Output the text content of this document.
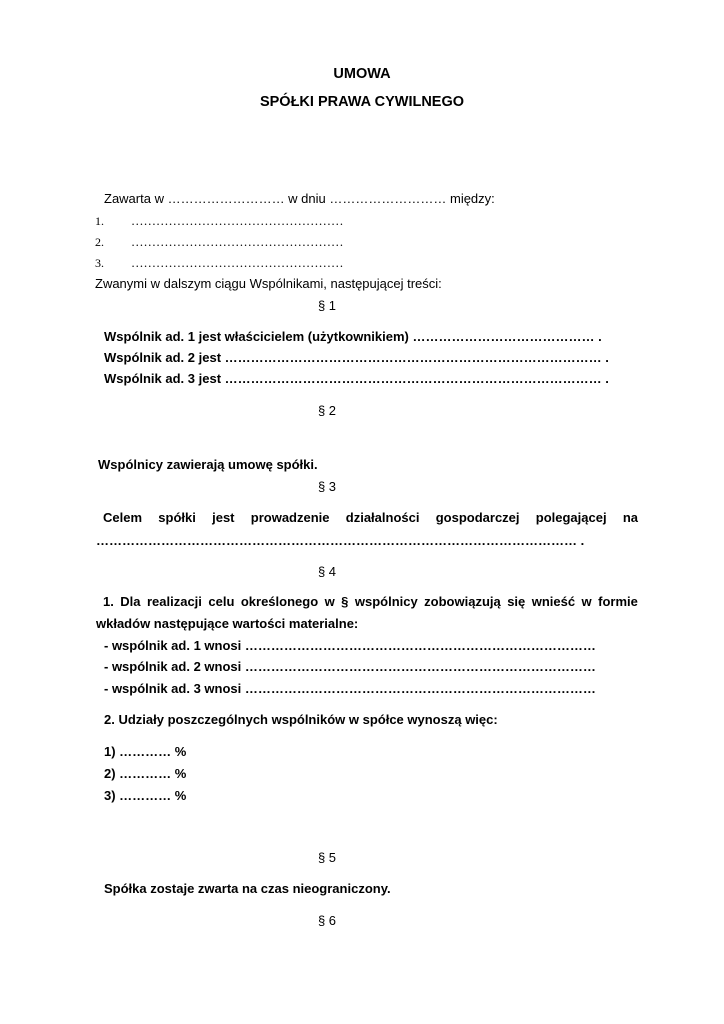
UMOWA
SPÓŁKI PRAWA CYWILNEGO
Zawarta w ……………………… w dniu ……………………… między:
1. ……………………………………………
2. ……………………………………………
3. ……………………………………………
Zwanymi w dalszym ciągu Wspólnikami, następującej treści:
§ 1
Wspólnik ad. 1 jest właścicielem (użytkownikiem) …………………………………… .
Wspólnik ad. 2 jest …………………………………………………………………………… .
Wspólnik ad. 3 jest …………………………………………………………………………… .
§ 2
Wspólnicy zawierają umowę spółki.
§ 3
Celem spółki jest prowadzenie działalności gospodarczej polegającej na
………………………………………………………………………………………………… .
§ 4
1. Dla realizacji celu określonego w § wspólnicy zobowiązują się wnieść w formie
wkładów następujące wartości materialne:
- wspólnik ad. 1 wnosi ………………………………………………………………………
- wspólnik ad. 2 wnosi ………………………………………………………………………
- wspólnik ad. 3 wnosi ………………………………………………………………………
2. Udziały poszczególnych wspólników w spółce wynoszą więc:
1) ………… %
2) ………… %
3) ………… %
§ 5
Spółka zostaje zwarta na czas nieograniczony.
§ 6
